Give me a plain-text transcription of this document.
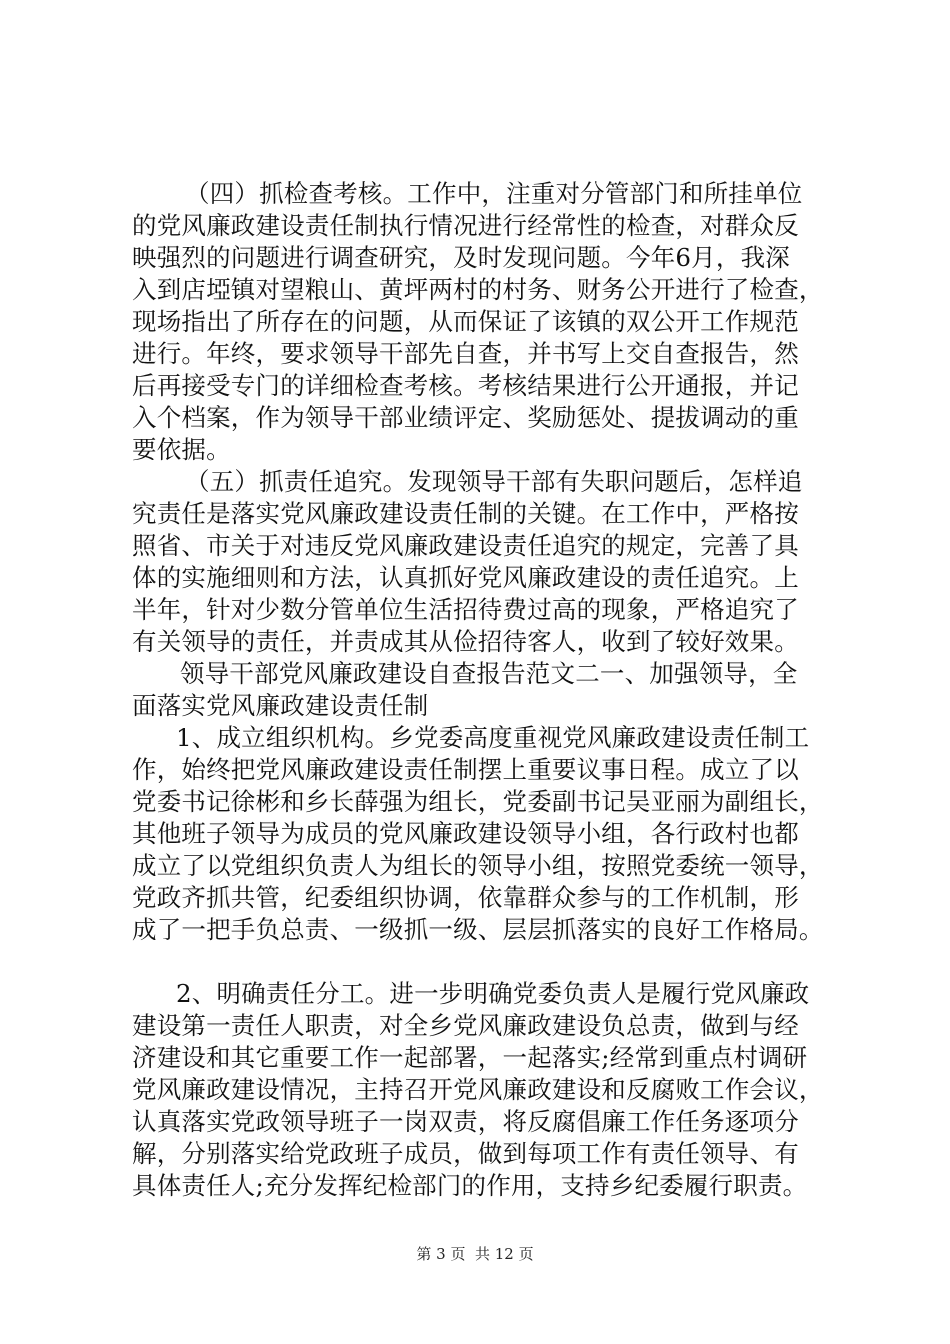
（四）抓检查考核。工作中，注重对分管部门和所挂单位
的党风廉政建设责任制执行情况进行经常性的检查，对群众反
映强烈的问题进行调查研究，及时发现问题。今年6月，我深
入到店埡镇对望粮山、黄坪两村的村务、财务公开进行了检查，
现场指出了所存在的问题，从而保证了该镇的双公开工作规范
进行。年终，要求领导干部先自查，并书写上交自查报告，然
后再接受专门的详细检查考核。考核结果进行公开通报，并记
入个档案，作为领导干部业绩评定、奖励惩处、提拔调动的重
要依据。
（五）抓责任追究。发现领导干部有失职问题后，怎样追
究责任是落实党风廉政建设责任制的关键。在工作中，严格按
照省、市关于对违反党风廉政建设责任追究的规定，完善了具
体的实施细则和方法，认真抓好党风廉政建设的责任追究。上
半年，针对少数分管单位生活招待费过高的现象，严格追究了
有关领导的责任，并责成其从俭招待客人，收到了较好效果。
领导干部党风廉政建设自查报告范文二一、加强领导，全
面落实党风廉政建设责任制
1、成立组织机构。乡党委高度重视党风廉政建设责任制工
作，始终把党风廉政建设责任制摆上重要议事日程。成立了以
党委书记徐彬和乡长薛强为组长，党委副书记吴亚丽为副组长，
其他班子领导为成员的党风廉政建设领导小组，各行政村也都
成立了以党组织负责人为组长的领导小组，按照党委统一领导，
党政齐抓共管，纪委组织协调，依靠群众参与的工作机制，形
成了一把手负总责、一级抓一级、层层抓落实的良好工作格局。
2、明确责任分工。进一步明确党委负责人是履行党风廉政
建设第一责任人职责，对全乡党风廉政建设负总责，做到与经
济建设和其它重要工作一起部署，一起落实;经常到重点村调研
党风廉政建设情况，主持召开党风廉政建设和反腐败工作会议，
认真落实党政领导班子一岗双责，将反腐倡廉工作任务逐项分
解，分别落实给党政班子成员，做到每项工作有责任领导、有
具体责任人;充分发挥纪检部门的作用，支持乡纪委履行职责。
第 3 页  共 12 页
